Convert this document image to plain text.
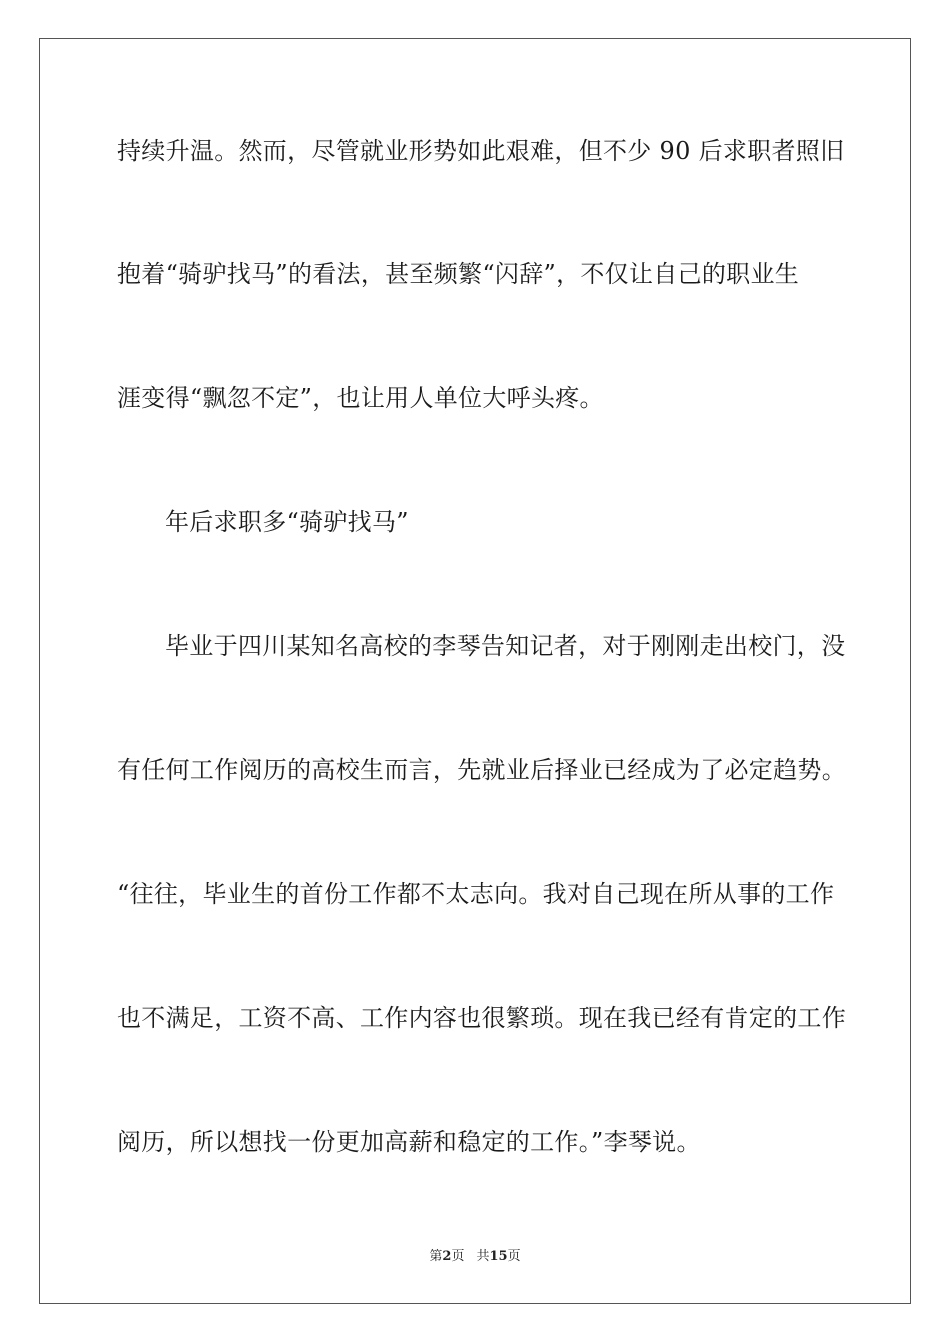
持续升温。然而，尽管就业形势如此艰难，但不少 90 后求职者照旧
抱着“骑驴找马”的看法，甚至频繁“闪辞”，不仅让自己的职业生
涯变得“飘忽不定”，也让用人单位大呼头疼。
年后求职多“骑驴找马”
毕业于四川某知名高校的李琴告知记者，对于刚刚走出校门，没
有任何工作阅历的高校生而言，先就业后择业已经成为了必定趋势。
“往往，毕业生的首份工作都不太志向。我对自己现在所从事的工作
也不满足，工资不高、工作内容也很繁琐。现在我已经有肯定的工作
阅历，所以想找一份更加高薪和稳定的工作。”李琴说。
第2页 共15页
